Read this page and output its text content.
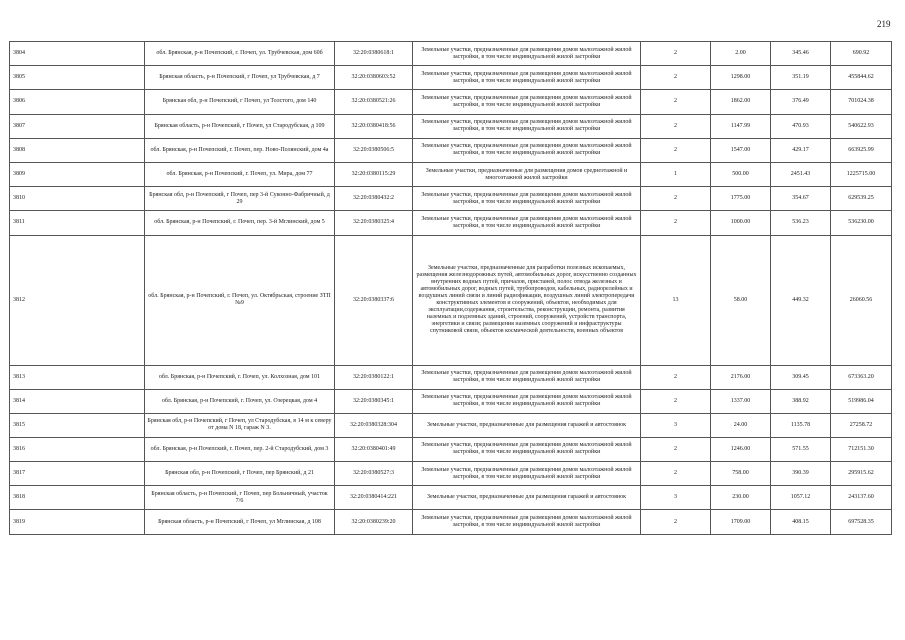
219
3804	обл. Брянская, р-н Почепский, г. Почеп, ул. Трубчевская, дом 60б	32:20:0380618:1	Земельные участки, предназначенные для размещения домов малоэтажной жилой застройки, в том числе индивидуальной жилой застройки	2	2.00	345.46	690.92
3805	Брянская область, р-н Почепский, г Почеп, ул Трубчевская, д 7	32:20:0380603:52	Земельные участки, предназначенные для размещения домов малоэтажной жилой застройки, в том числе индивидуальной жилой застройки	2	1298.00	351.19	455844.62
3806	Брянская обл, р-н Почепский, г Почеп, ул Толстого, дом 140	32:20:0380521:26	Земельные участки, предназначенные для размещения домов малоэтажной жилой застройки, в том числе индивидуальной жилой застройки	2	1862.00	376.49	701024.38
3807	Брянская область, р-н Почепский, г Почеп, ул Стародубская, д 109	32:20:0380418:56	Земельные участки, предназначенные для размещения домов малоэтажной жилой застройки, в том числе индивидуальной жилой застройки	2	1147.99	470.93	540622.93
3808	обл. Брянская, р-н Почепский, г. Почеп, пер. Ново-Полянский, дом 4а	32:20:0380506:5	Земельные участки, предназначенные для размещения домов малоэтажной жилой застройки, в том числе индивидуальной жилой застройки	2	1547.00	429.17	663925.99
3809	обл. Брянская, р-н Почепский, г. Почеп, ул. Мира, дом 77	32:20:0380115:29	Земельные участки, предназначенные для размещения домов среднеэтажной и многоэтажной жилой застройки	1	500.00	2451.43	1225715.00
3810	Брянская обл, р-н Почепский, г Почеп, пер 3-й Суконно-Фабричный, д 29	32:20:0380432:2	Земельные участки, предназначенные для размещения домов малоэтажной жилой застройки, в том числе индивидуальной жилой застройки	2	1775.00	354.67	629539.25
3811	обл. Брянская, р-н Почепский, г. Почеп, пер. 3-й Мглинский, дом 5	32:20:0380325:4	Земельные участки, предназначенные для размещения домов малоэтажной жилой застройки, в том числе индивидуальной жилой застройки	2	1000.00	536.23	536230.00
3812	обл. Брянская, р-н Почепский, г. Почеп, ул. Октябрьская, строение ЗТП №9	32:20:0380337:6	Земельные участки, предназначенные для разработки полезных ископаемых, размещения железнодорожных путей, автомобильных дорог, искусственно созданных внутренних водных путей, причалов, пристаней, полос отвода железных и автомобильных дорог, водных путей, трубопроводов, кабельных, радиорелейных и воздушных линий связи и линий радиофикации, воздушных линий электропередачи конструктивных элементов и сооружений, объектов, необходимых для эксплуатации,содержания, строительства, реконструкции, ремонта, развития наземных и подземных зданий, строений, сооружений, устройств транспорта, энергетики и связи; размещения наземных сооружений и инфраструктуры спутниковой связи, объектов космической деятельности, военных объектов	13	58.00	449.32	26060.56
3813	обл. Брянская, р-н Почепский, г. Почеп, ул. Колхозная, дом 101	32:20:0380122:1	Земельные участки, предназначенные для размещения домов малоэтажной жилой застройки, в том числе индивидуальной жилой застройки	2	2176.00	309.45	673363.20
3814	обл. Брянская, р-н Почепский, г. Почеп, ул. Озерецкая, дом 4	32:20:0380345:1	Земельные участки, предназначенные для размещения домов малоэтажной жилой застройки, в том числе индивидуальной жилой застройки	2	1337.00	388.92	519986.04
3815	Брянская обл, р-н Почепский, г Почеп, ул Стародубская, в 14 м к северу от дома N 18, гараж N 3.	32:20:0380328:304	Земельные участки, предназначенные для размещения гаражей и автостоянок	3	24.00	1135.78	27258.72
3816	обл. Брянская, р-н Почепский, г. Почеп, пер. 2-й Стародубский, дом 3	32:20:0380401:49	Земельные участки, предназначенные для размещения домов малоэтажной жилой застройки, в том числе индивидуальной жилой застройки	2	1246.00	571.55	712151.30
3817	Брянская обл, р-н Почепский, г Почеп, пер Брянский, д 21	32:20:0380527:3	Земельные участки, предназначенные для размещения домов малоэтажной жилой застройки, в том числе индивидуальной жилой застройки	2	758.00	390.39	295915.62
3818	Брянская область, р-н Почепский, г Почеп, пер Больничный, участок 7/6	32:20:0380414:221	Земельные участки, предназначенные для размещения гаражей и автостоянок	3	230.00	1057.12	243137.60
3819	Брянская область, р-н Почепский, г Почеп, ул Мглинская, д 108	32:20:0380239:20	Земельные участки, предназначенные для размещения домов малоэтажной жилой застройки, в том числе индивидуальной жилой застройки	2	1709.00	408.15	697528.35
